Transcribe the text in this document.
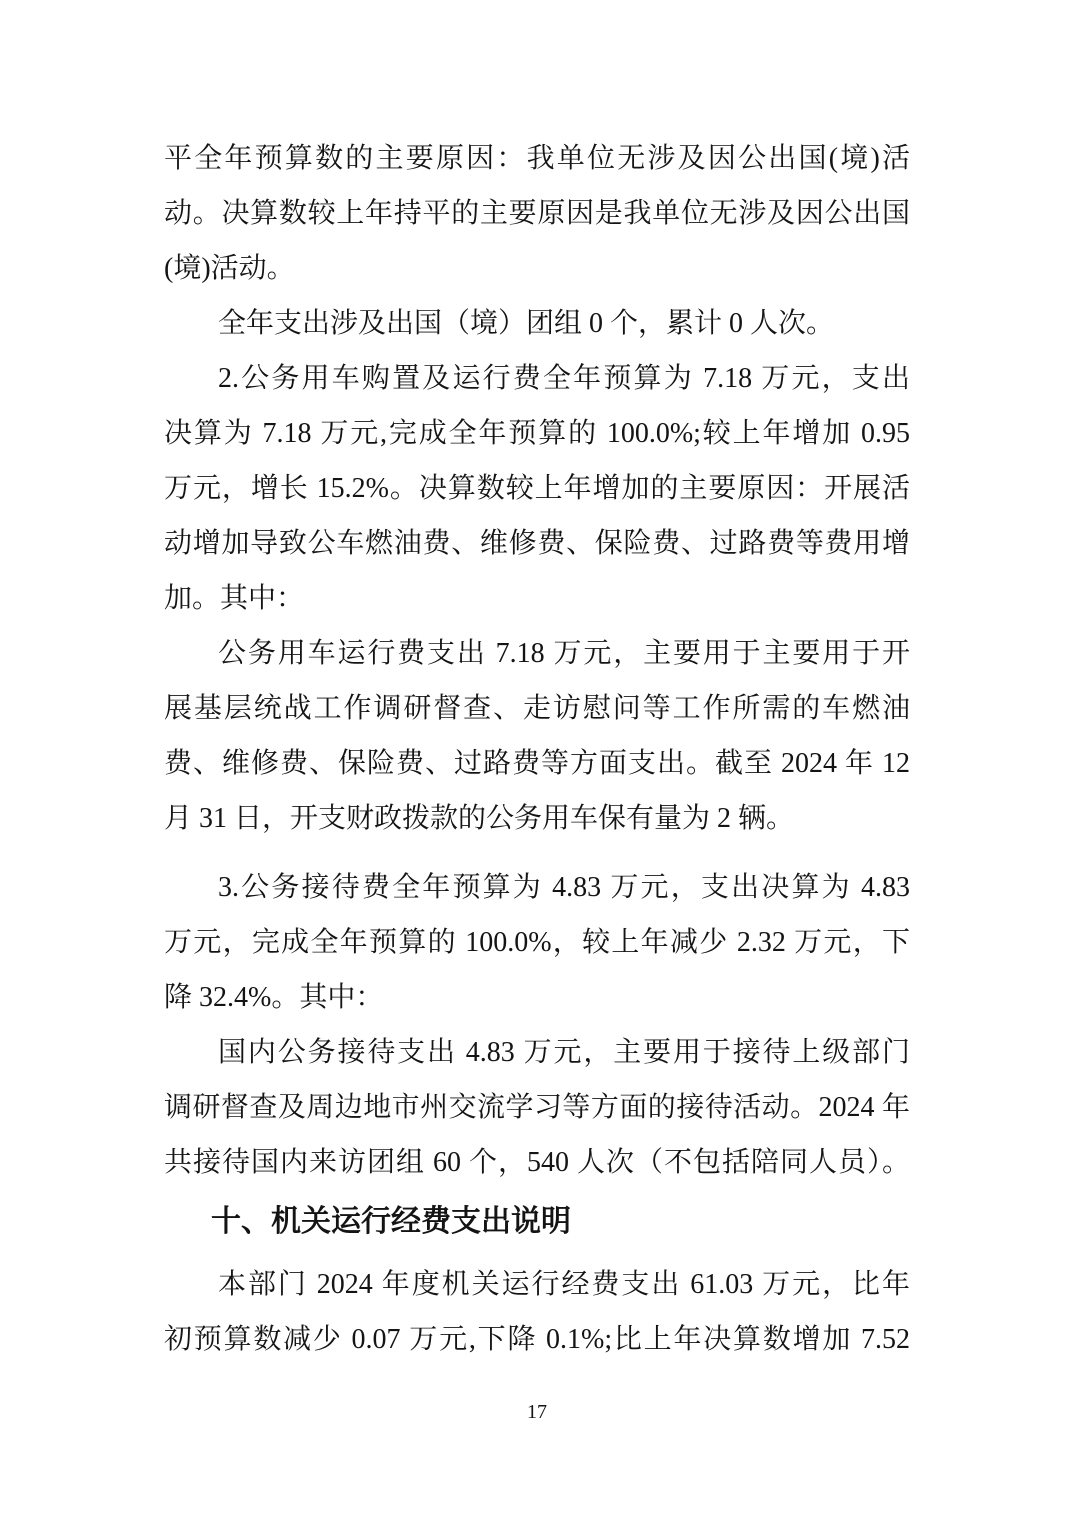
平全年预算数的主要原因：我单位无涉及因公出国(境)活
动。决算数较上年持平的主要原因是我单位无涉及因公出国
(境)活动。
全年支出涉及出国（境）团组 0 个，累计 0 人次。
2.公务用车购置及运行费全年预算为 7.18 万元，支出
决算为 7.18 万元,完成全年预算的 100.0%;较上年增加 0.95
万元，增长 15.2%。决算数较上年增加的主要原因：开展活
动增加导致公车燃油费、维修费、保险费、过路费等费用增
加。其中：
公务用车运行费支出 7.18 万元，主要用于主要用于开
展基层统战工作调研督查、走访慰问等工作所需的车燃油
费、维修费、保险费、过路费等方面支出。截至 2024 年 12
月 31 日，开支财政拨款的公务用车保有量为 2 辆。
3.公务接待费全年预算为 4.83 万元，支出决算为 4.83
万元，完成全年预算的 100.0%，较上年减少 2.32 万元，下
降 32.4%。其中：
国内公务接待支出 4.83 万元，主要用于接待上级部门
调研督查及周边地市州交流学习等方面的接待活动。2024 年
共接待国内来访团组 60 个，540 人次（不包括陪同人员）。
十、机关运行经费支出说明
本部门 2024 年度机关运行经费支出 61.03 万元，比年
初预算数减少 0.07 万元,下降 0.1%;比上年决算数增加 7.52
17
